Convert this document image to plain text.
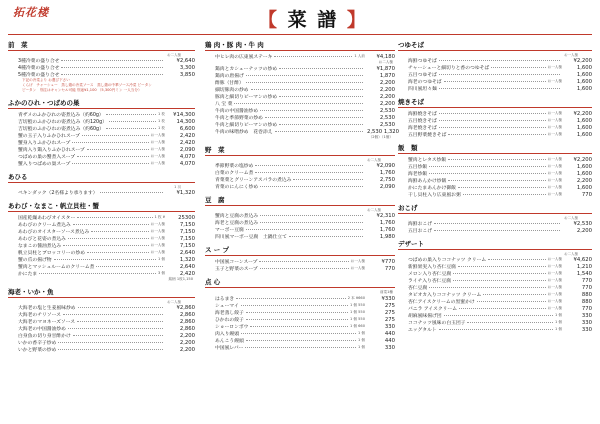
拓花楼	【 菜 譜 】
前　菜
お二人様
3種冷菜の盛り合せ	¥2,640
4種冷菜の盛り合せ	3,300
5種冷菜の盛り合せ	3,850
下記の冷菜より お選び下さい
くらげ　チャーシュー　蒸し鶏の冷菜ソース　蒸し鶏の中華ソース冷菜 ピータン
ピータン　別注はキャンセル可能 別途¥1,100 （5,300円ミン 一人当分）
ふかのひれ・つばめの巣
青ザメのふかひれの姿煮込み（約60g）	1 枚	¥14,300
吉切鮫のふかひれの姿煮込み（約120g）	1 枚	14,300
吉切鮫のふかひれの姿煮込み（約60g）	1 枚	6,600
蟹の玉子入りふかひれスープ	お一人様	2,420
蟹身入りふかひれスープ	お一人様	2,420
蟹肉入り鶏入りふかひれスープ	お一人様	2,090
つばめの巣の蟹煮入スープ	お一人様	4,070
蟹入りつばめの巣スープ	お一人様	4,070
あひる
1 羽
ペキンダック（2名様より承ります）	¥1,320
あわび・なまこ・帆立貝柱・蟹
国産乾燥あわびオイスター	1 枚 ¥	25300
あわびのクリーム煮込み	お一人様	7,150
あわびのオイスターソース煮込み	お一人様	7,150
あわびと花姿の煮込み	お一人様	7,150
なまこの醤油煮込み	お一人様	7,150
帆立貝柱とブロッコリーの炒め	お一人様	2,640
蟹の爪の揚げ物	1 個	1,320
蟹肉とマッシュルームのクリーム煮	2,640
かにたま	3 個	2,420
銘柄 1枚1,150
海老・いか・魚
お二人様
大海老の塩と生姜風味炒め	¥2,860
大海老のチリソース	2,860
大海老のマヨネーズソース	2,860
大海老の中国醤油炒め	2,860
白身魚の切り身甘酢かけ	2,200
いかの香辛子炒め	2,200
いかと野菜の炒め	2,200
鶏 肉・豚 肉・牛 肉
中ヒレ肉の広東風ステーキ	1 人前	¥4,180
お二人様
鶏肉とカシューナッツの炒め	¥1,870
鶏肉の唐揚げ	1,870
酢豚（甘酢）	2,200
細切豚肉の炒め	2,200
豚肉と細切りピーマンの炒め	2,200
八 宝 菜	2,200
牛肉の中国醤油炒め	2,530
牛肉と季節野菜の炒め	2,530
牛肉と細切りピーマンの炒め	2,530
牛肉の味噌炒め　花巻添え	2,530 1,320
（2個）（1個）
野　菜
お二人様
季節野菜の塩炒め	¥2,090
白菜のクリーム煮	1,760
青菜菜とグリーンアスパラの煮込み	2,750
青菜のにんにく炒め	2,090
豆　腐
お二人様
蟹肉と豆腐の煮込み	¥2,310
海老と豆腐の煮込み	1,760
マーボー豆腐	1,760
四川風マーボー豆腐　土鍋仕立て	1,980
ス ー プ
中国風コーンスープ	お一人様	¥770
玉子と野菜のスープ	お一人様	770
点 心
前菜1種
はるまき	2 本 ¥660	¥330
シューマイ	1 個 550	275
海老蒸し餃子	1 個 550	275
ひかれの餃子	1 個 550	275
ショーロンポウ	1 個 660	330
肉入り饅頭	1 個	440
あんこう饅頭	1 個	440
中国風レバー	1 個	330
つゆそば
お一人様
海鮮つゆそば	¥2,200
チャーシューと細切りと香のつゆそば	お一人様	1,600
五目つゆそば	1,600
海老のつゆそば	お一人様	1,600
四川風坦々麺	1,600
焼きそば
海鮮焼きそば	お一人様	¥2,200
五目焼きそば	お一人様	1,600
海老焼きそば	お一人様	1,600
五目野菜焼きそば	お一人様	1,600
飯　類
蟹肉とレタス炒飯	お一人様	¥2,200
五目炒飯	お一人様	1,600
海老炒飯	お一人様	1,600
海鮮あんかけ炒飯	お一人様	2,200
かにたまあんかけ御飯	お一人様	1,600
干し貝柱入り広東風お粥	お一人様	770
おこげ
お二人様
海鮮おこげ	¥2,530
五目おこげ	2,200
デザート
お二人様
つばめの巣入りココナッツ クリーム	お一人様	¥4,620
新鮮果実入り杏仁豆腐	お一人様	1,210
メロン入り杏仁豆腐	お一人様	1,540
ライチ入り杏仁豆腐	お一人様	770
杏仁豆腐	お一人様	770
タピオカ入りココナッツ クリーム	お一人様	880
杏仁アイスクリームの黒蜜かけ	お一人様	880
バニラ アイスクリーム	お一人様	770
胡麻風味揚げ団	1 個	330
ココナッツ風味の白玉団子	1 個	330
エッグタルト	1 個	330
